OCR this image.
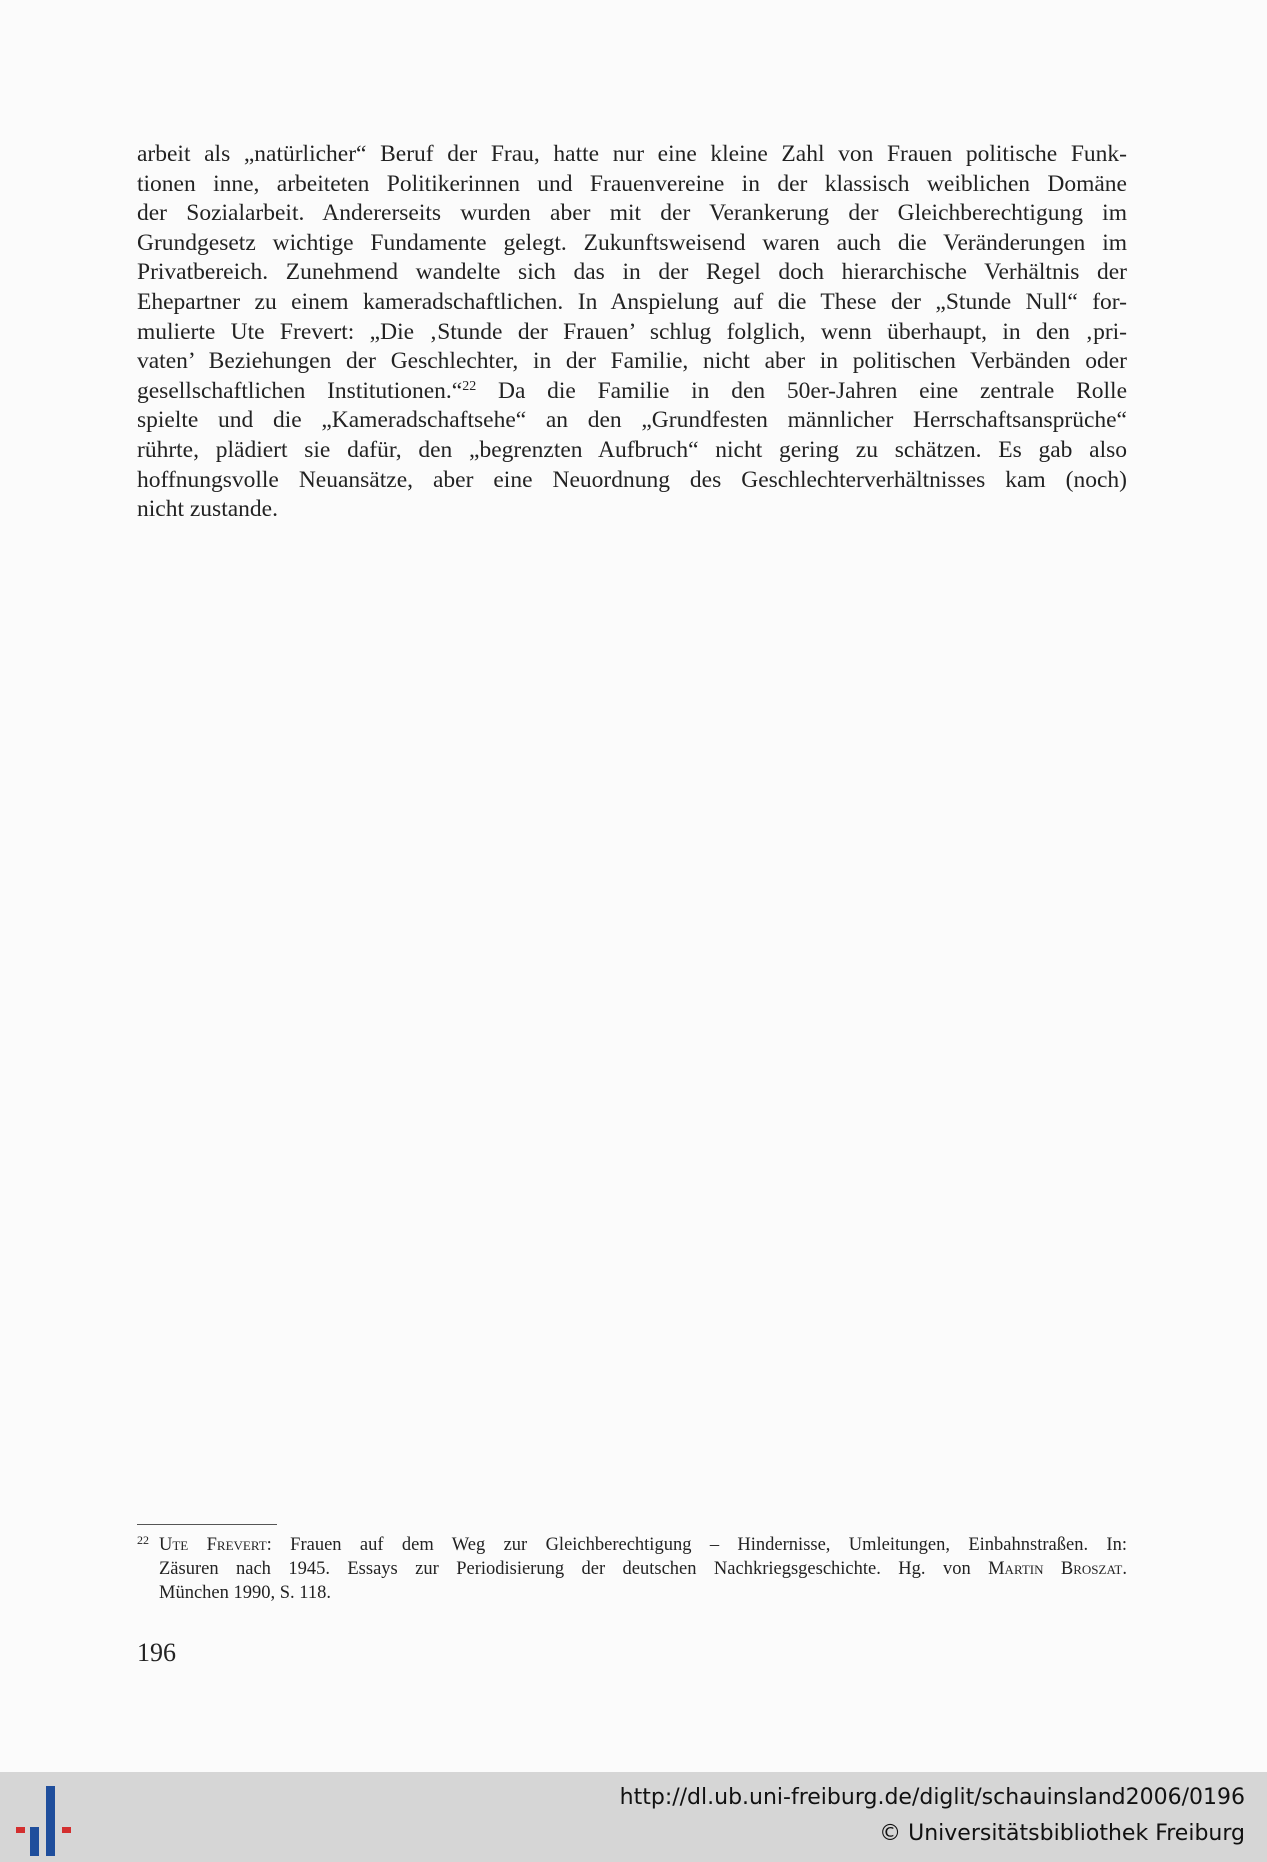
arbeit als „natürlicher“ Beruf der Frau, hatte nur eine kleine Zahl von Frauen politische Funk-
tionen inne, arbeiteten Politikerinnen und Frauenvereine in der klassisch weiblichen Domäne
der Sozialarbeit. Andererseits wurden aber mit der Verankerung der Gleichberechtigung im
Grundgesetz wichtige Fundamente gelegt. Zukunftsweisend waren auch die Veränderungen im
Privatbereich. Zunehmend wandelte sich das in der Regel doch hierarchische Verhältnis der
Ehepartner zu einem kameradschaftlichen. In Anspielung auf die These der „Stunde Null“ for-
mulierte Ute Frevert: „Die ‚Stunde der Frauen’ schlug folglich, wenn überhaupt, in den ‚pri-
vaten’ Beziehungen der Geschlechter, in der Familie, nicht aber in politischen Verbänden oder
gesellschaftlichen Institutionen.“$^{22}$ Da die Familie in den 50er-Jahren eine zentrale Rolle
spielte und die „Kameradschaftsehe“ an den „Grundfesten männlicher Herrschaftsansprüche“
rührte, plädiert sie dafür, den „begrenzten Aufbruch“ nicht gering zu schätzen. Es gab also
hoffnungsvolle Neuansätze, aber eine Neuordnung des Geschlechterverhältnisses kam (noch)
nicht zustande.
$^{22}$ Ute Frevert: Frauen auf dem Weg zur Gleichberechtigung – Hindernisse, Umleitungen, Einbahnstraßen. In:
Zäsuren nach 1945. Essays zur Periodisierung der deutschen Nachkriegsgeschichte. Hg. von Martin Broszat.
München 1990, S. 118.
196
http://dl.ub.uni-freiburg.de/diglit/schauinsland2006/0196
© Universitätsbibliothek Freiburg
